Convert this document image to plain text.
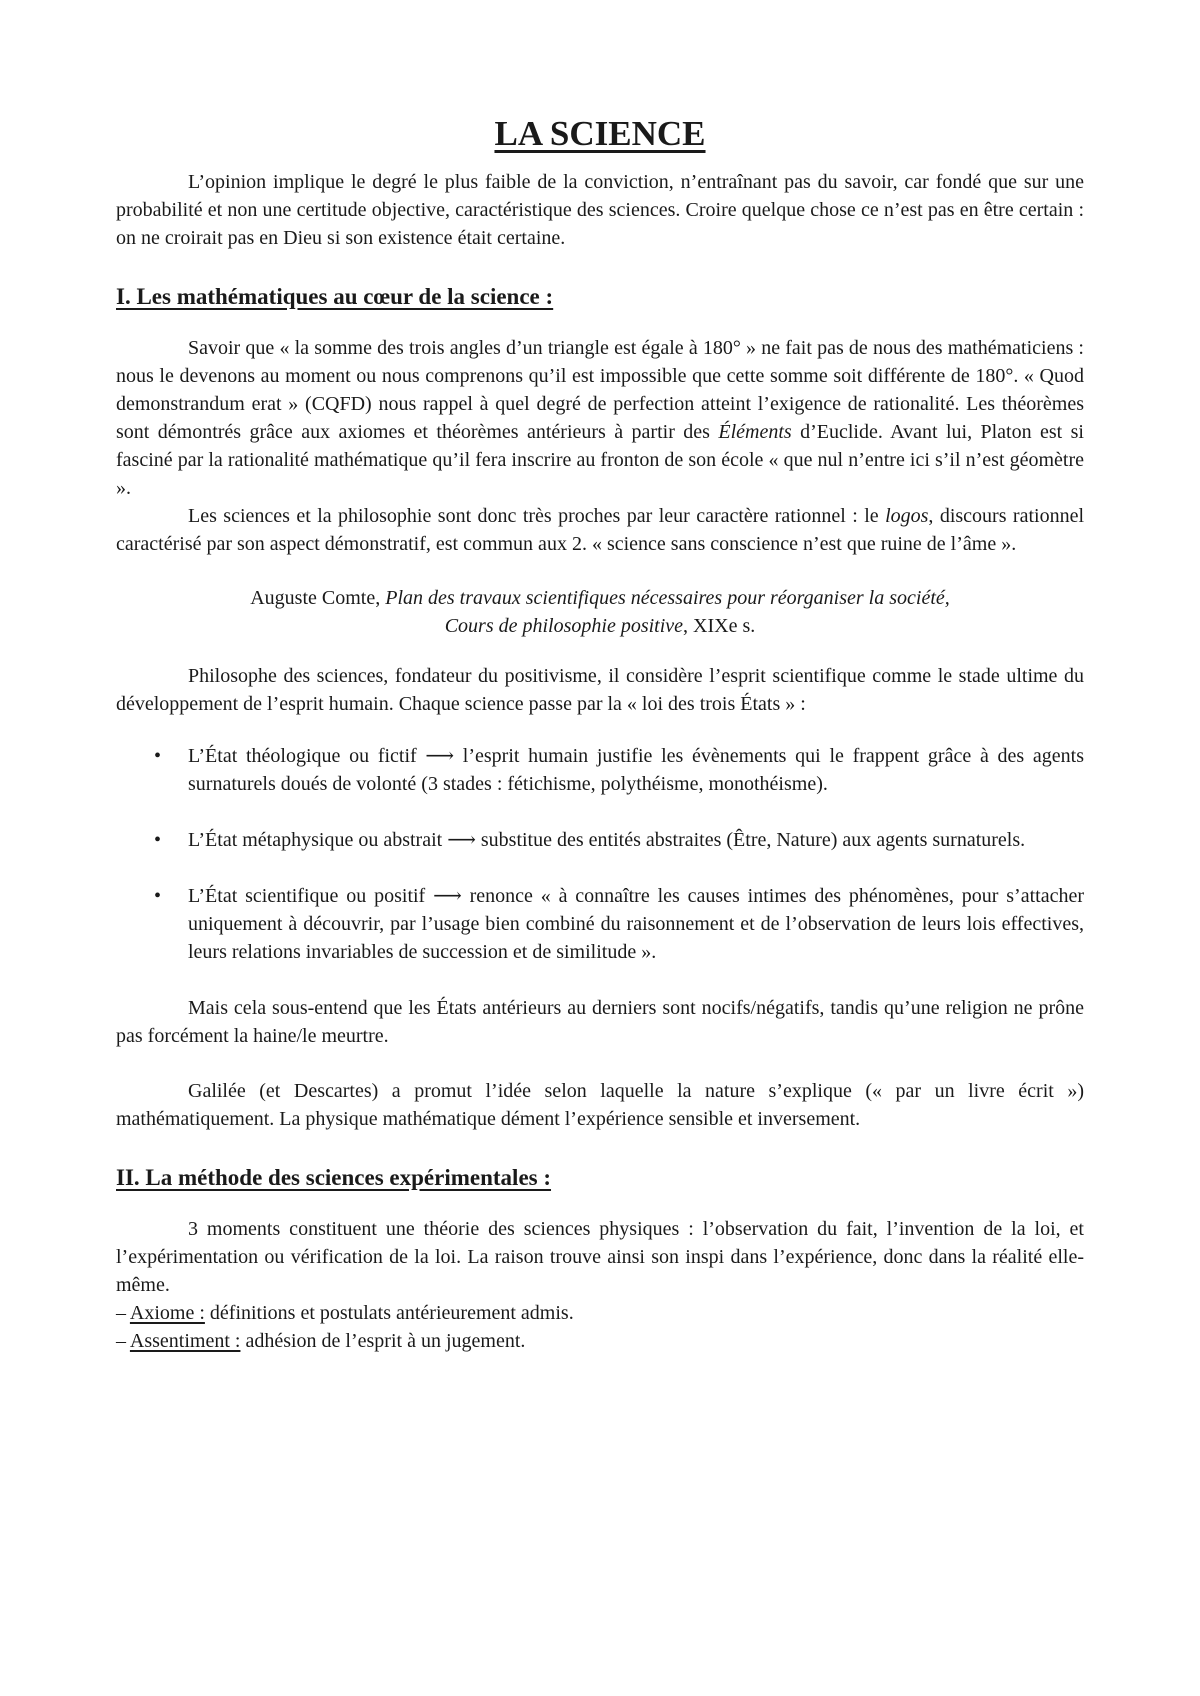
LA SCIENCE

L’opinion implique le degré le plus faible de la conviction, n’entraînant pas du savoir, car fondé que sur une probabilité et non une certitude objective, caractéristique des sciences. Croire quelque chose ce n’est pas en être certain : on ne croirait pas en Dieu si son existence était certaine.

I. Les mathématiques au cœur de la science :

Savoir que « la somme des trois angles d’un triangle est égale à 180° » ne fait pas de nous des mathématiciens : nous le devenons au moment ou nous comprenons qu’il est impossible que cette somme soit différente de 180°. « Quod demonstrandum erat » (CQFD) nous rappel à quel degré de perfection atteint l’exigence de rationalité. Les théorèmes sont démontrés grâce aux axiomes et théorèmes antérieurs à partir des Éléments d’Euclide. Avant lui, Platon est si fasciné par la rationalité mathématique qu’il fera inscrire au fronton de son école « que nul n’entre ici s’il n’est géomètre ».

Les sciences et la philosophie sont donc très proches par leur caractère rationnel : le logos, discours rationnel caractérisé par son aspect démonstratif, est commun aux 2. « science sans conscience n’est que ruine de l’âme ».

Auguste Comte, Plan des travaux scientifiques nécessaires pour réorganiser la société,
Cours de philosophie positive, XIXe s.

Philosophe des sciences, fondateur du positivisme, il considère l’esprit scientifique comme le stade ultime du développement de l’esprit humain. Chaque science passe par la « loi des trois États » :

• L’État théologique ou fictif ⟶ l’esprit humain justifie les évènements qui le frappent grâce à des agents surnaturels doués de volonté (3 stades : fétichisme, polythéisme, monothéisme).
• L’État métaphysique ou abstrait ⟶ substitue des entités abstraites (Être, Nature) aux agents surnaturels.
• L’État scientifique ou positif ⟶ renonce « à connaître les causes intimes des phénomènes, pour s’attacher uniquement à découvrir, par l’usage bien combiné du raisonnement et de l’observation de leurs lois effectives, leurs relations invariables de succession et de similitude ».

Mais cela sous-entend que les États antérieurs au derniers sont nocifs/négatifs, tandis qu’une religion ne prône pas forcément la haine/le meurtre.

Galilée (et Descartes) a promut l’idée selon laquelle la nature s’explique (« par un livre écrit ») mathématiquement. La physique mathématique dément l’expérience sensible et inversement.

II. La méthode des sciences expérimentales :

3 moments constituent une théorie des sciences physiques : l’observation du fait, l’invention de la loi, et l’expérimentation ou vérification de la loi. La raison trouve ainsi son inspi dans l’expérience, donc dans la réalité elle-même.

– Axiome : définitions et postulats antérieurement admis.

– Assentiment : adhésion de l’esprit à un jugement.
